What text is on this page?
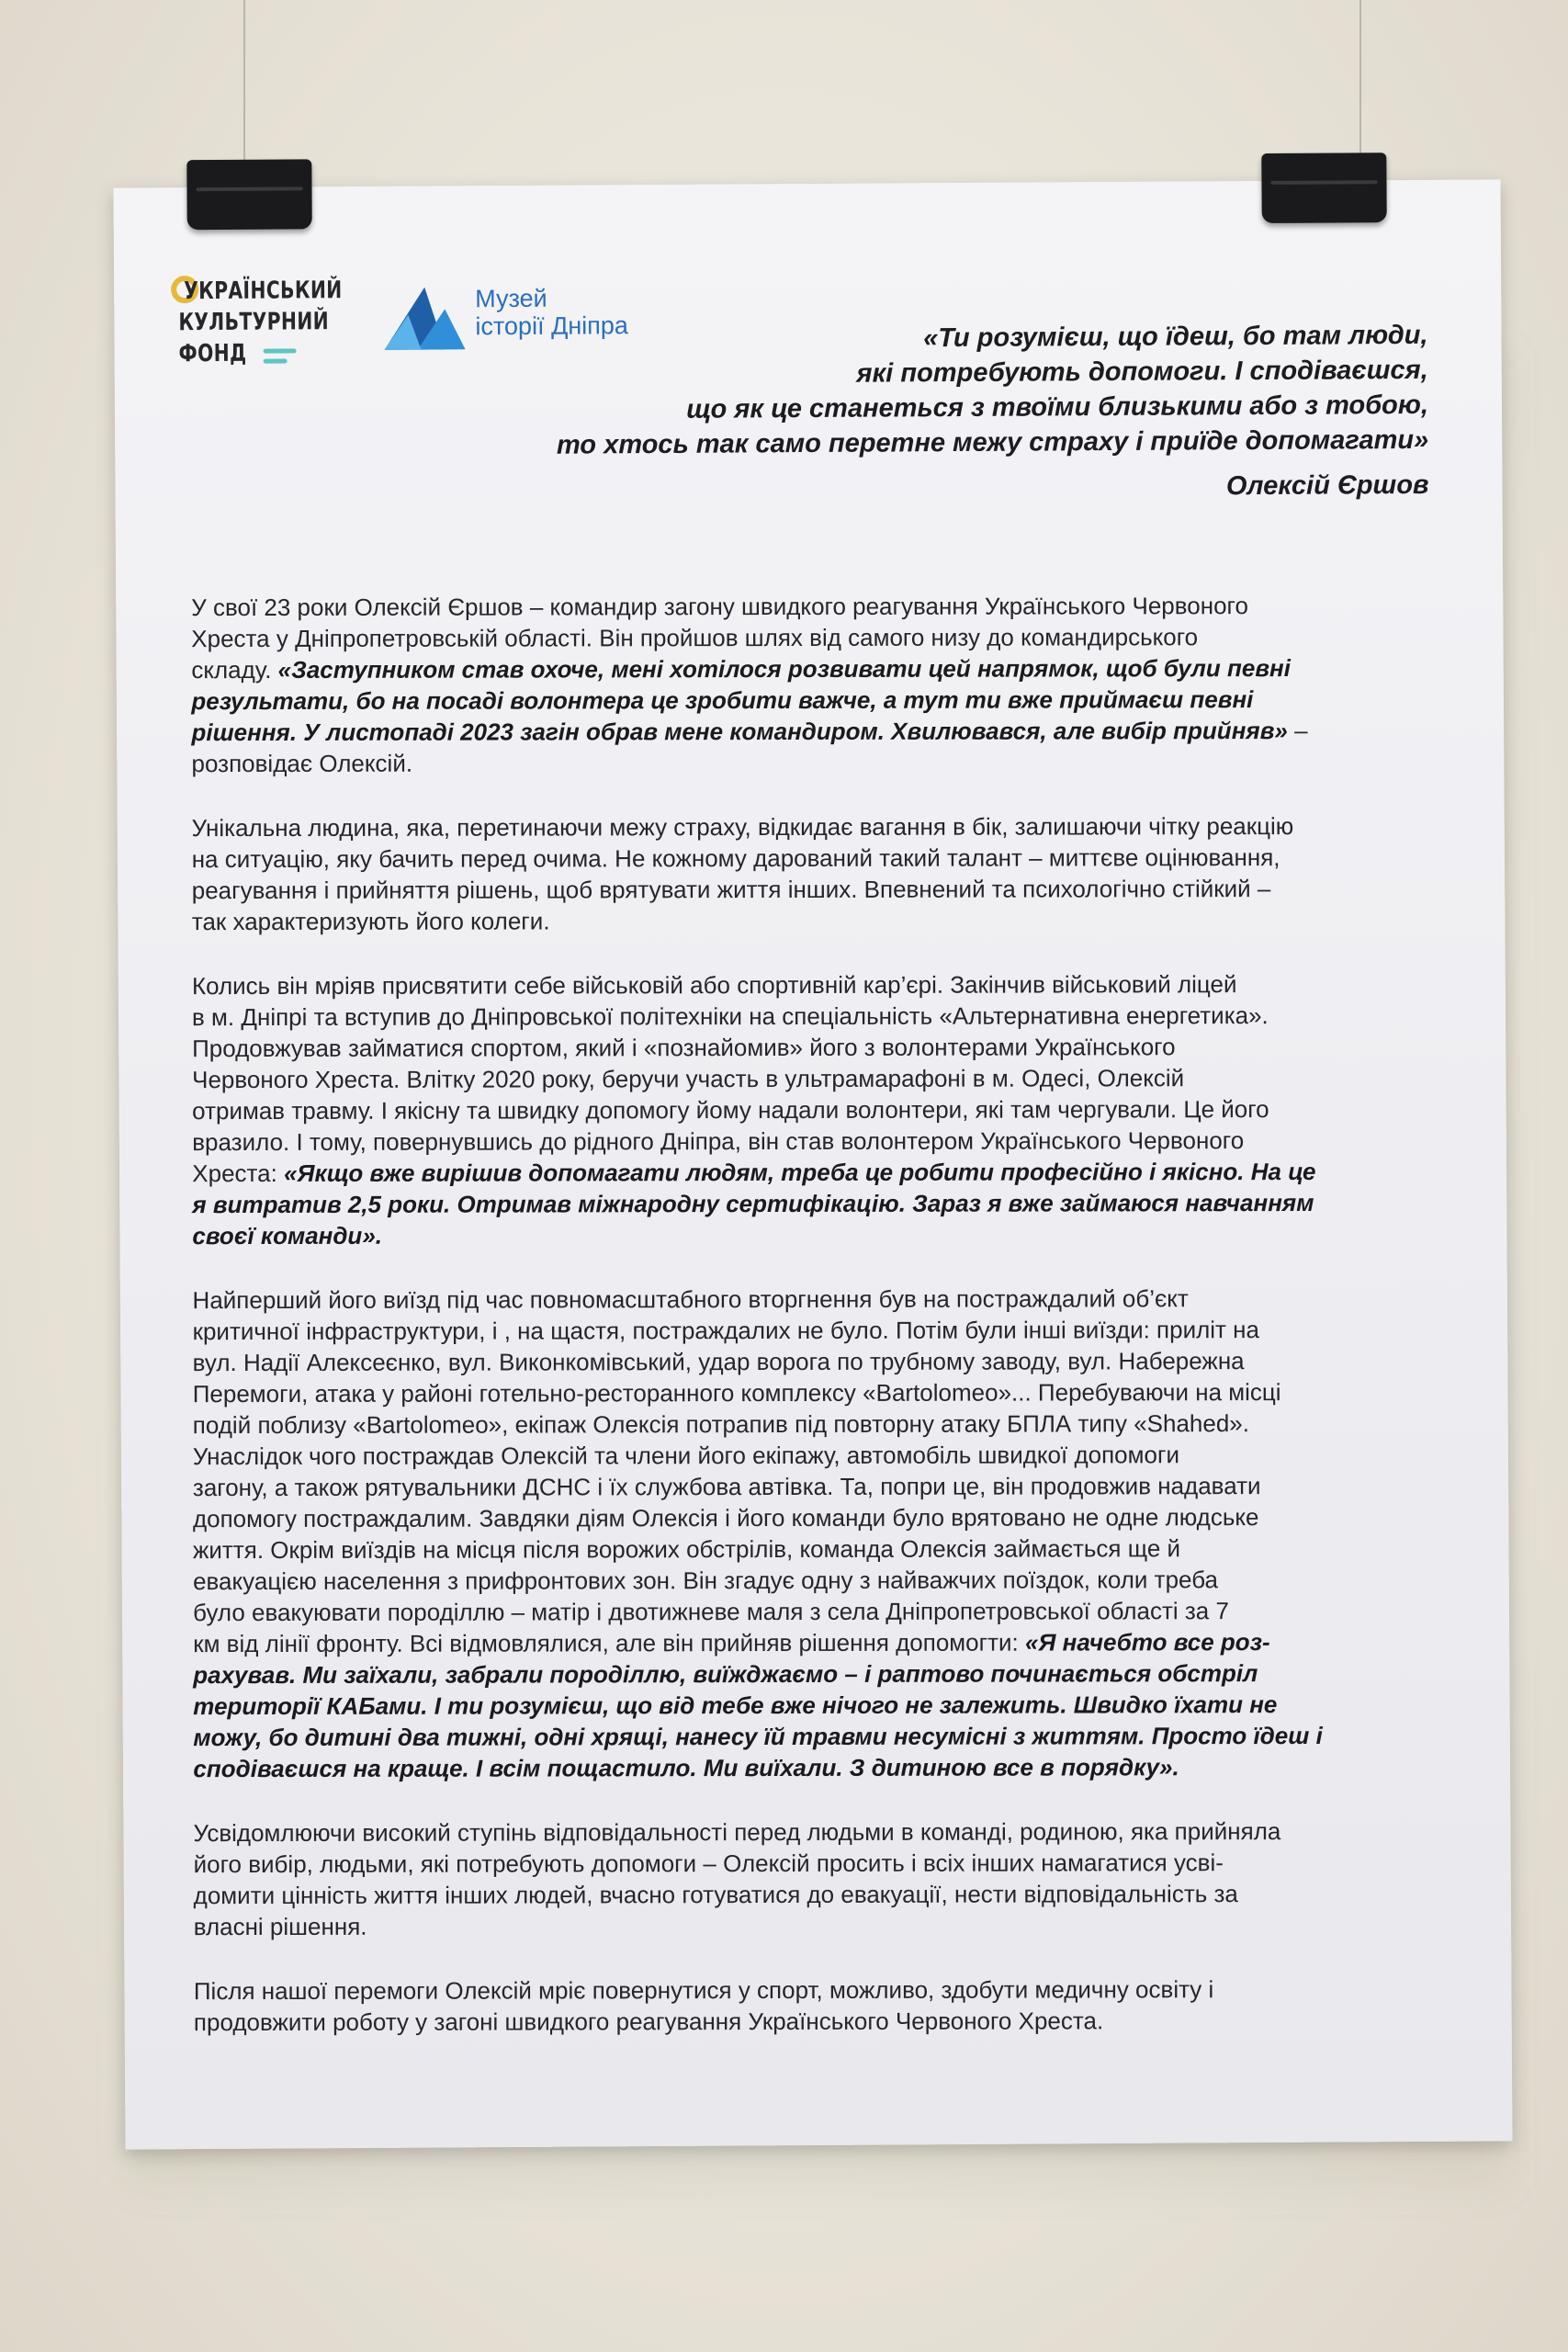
УКРАЇНСЬКИЙ
КУЛЬТУРНИЙ
ФОНД
Музей
історії Дніпра	«Ти розумієш, що їдеш, бо там люди,
які потребують допомоги. І сподіваєшся,
що як це станеться з твоїми близькими або з тобою,
то хтось так само перетне межу страху і приїде допомагати»
Олексій Єршов
У свої 23 роки Олексій Єршов – командир загону швидкого реагування Українського Червоного
Хреста у Дніпропетровській області. Він пройшов шлях від самого низу до командирського
складу. «Заступником став охоче, мені хотілося розвивати цей напрямок, щоб були певні
результати, бо на посаді волонтера це зробити важче, а тут ти вже приймаєш певні
рішення. У листопаді 2023 загін обрав мене командиром. Хвилювався, але вибір прийняв» –
розповідає Олексій.
Унікальна людина, яка, перетинаючи межу страху, відкидає вагання в бік, залишаючи чітку реакцію
на ситуацію, яку бачить перед очима. Не кожному дарований такий талант – миттєве оцінювання,
реагування і прийняття рішень, щоб врятувати життя інших. Впевнений та психологічно стійкий –
так характеризують його колеги.
Колись він мріяв присвятити себе військовій або спортивній кар’єрі. Закінчив військовий ліцей
в м. Дніпрі та вступив до Дніпровської політехніки на спеціальність «Альтернативна енергетика».
Продовжував займатися спортом, який і «познайомив» його з волонтерами Українського
Червоного Хреста. Влітку 2020 року, беручи участь в ультрамарафоні в м. Одесі, Олексій
отримав травму. І якісну та швидку допомогу йому надали волонтери, які там чергували. Це його
вразило. І тому, повернувшись до рідного Дніпра, він став волонтером Українського Червоного
Хреста: «Якщо вже вирішив допомагати людям, треба це робити професійно і якісно. На це
я витратив 2,5 роки. Отримав міжнародну сертифікацію. Зараз я вже займаюся навчанням
своєї команди».
Найперший його виїзд під час повномасштабного вторгнення був на постраждалий об’єкт
критичної інфраструктури, і , на щастя, постраждалих не було. Потім були інші виїзди: приліт на
вул. Надії Алексеєнко, вул. Виконкомівський, удар ворога по трубному заводу, вул. Набережна
Перемоги, атака у районі готельно-ресторанного комплексу «Bartolomeo»... Перебуваючи на місці
подій поблизу «Bartolomeo», екіпаж Олексія потрапив під повторну атаку БПЛА типу «Shahed».
Унаслідок чого постраждав Олексій та члени його екіпажу, автомобіль швидкої допомоги
загону, а також рятувальники ДСНС і їх службова автівка. Та, попри це, він продовжив надавати
допомогу постраждалим. Завдяки діям Олексія і його команди було врятовано не одне людське
життя. Окрім виїздів на місця після ворожих обстрілів, команда Олексія займається ще й
евакуацією населення з прифронтових зон. Він згадує одну з найважчих поїздок, коли треба
було евакуювати породіллю – матір і двотижневе маля з села Дніпропетровської області за 7
км від лінії фронту. Всі відмовлялися, але він прийняв рішення допомогти: «Я начебто все роз-
рахував. Ми заїхали, забрали породіллю, виїжджаємо – і раптово починається обстріл
території КАБами. І ти розумієш, що від тебе вже нічого не залежить. Швидко їхати не
можу, бо дитині два тижні, одні хрящі, нанесу їй травми несумісні з життям. Просто їдеш і
сподіваєшся на краще. І всім пощастило. Ми виїхали. З дитиною все в порядку».
Усвідомлюючи високий ступінь відповідальності перед людьми в команді, родиною, яка прийняла
його вибір, людьми, які потребують допомоги – Олексій просить і всіх інших намагатися усві-
домити цінність життя інших людей, вчасно готуватися до евакуації, нести відповідальність за
власні рішення.
Після нашої перемоги Олексій мріє повернутися у спорт, можливо, здобути медичну освіту і
продовжити роботу у загоні швидкого реагування Українського Червоного Хреста.
